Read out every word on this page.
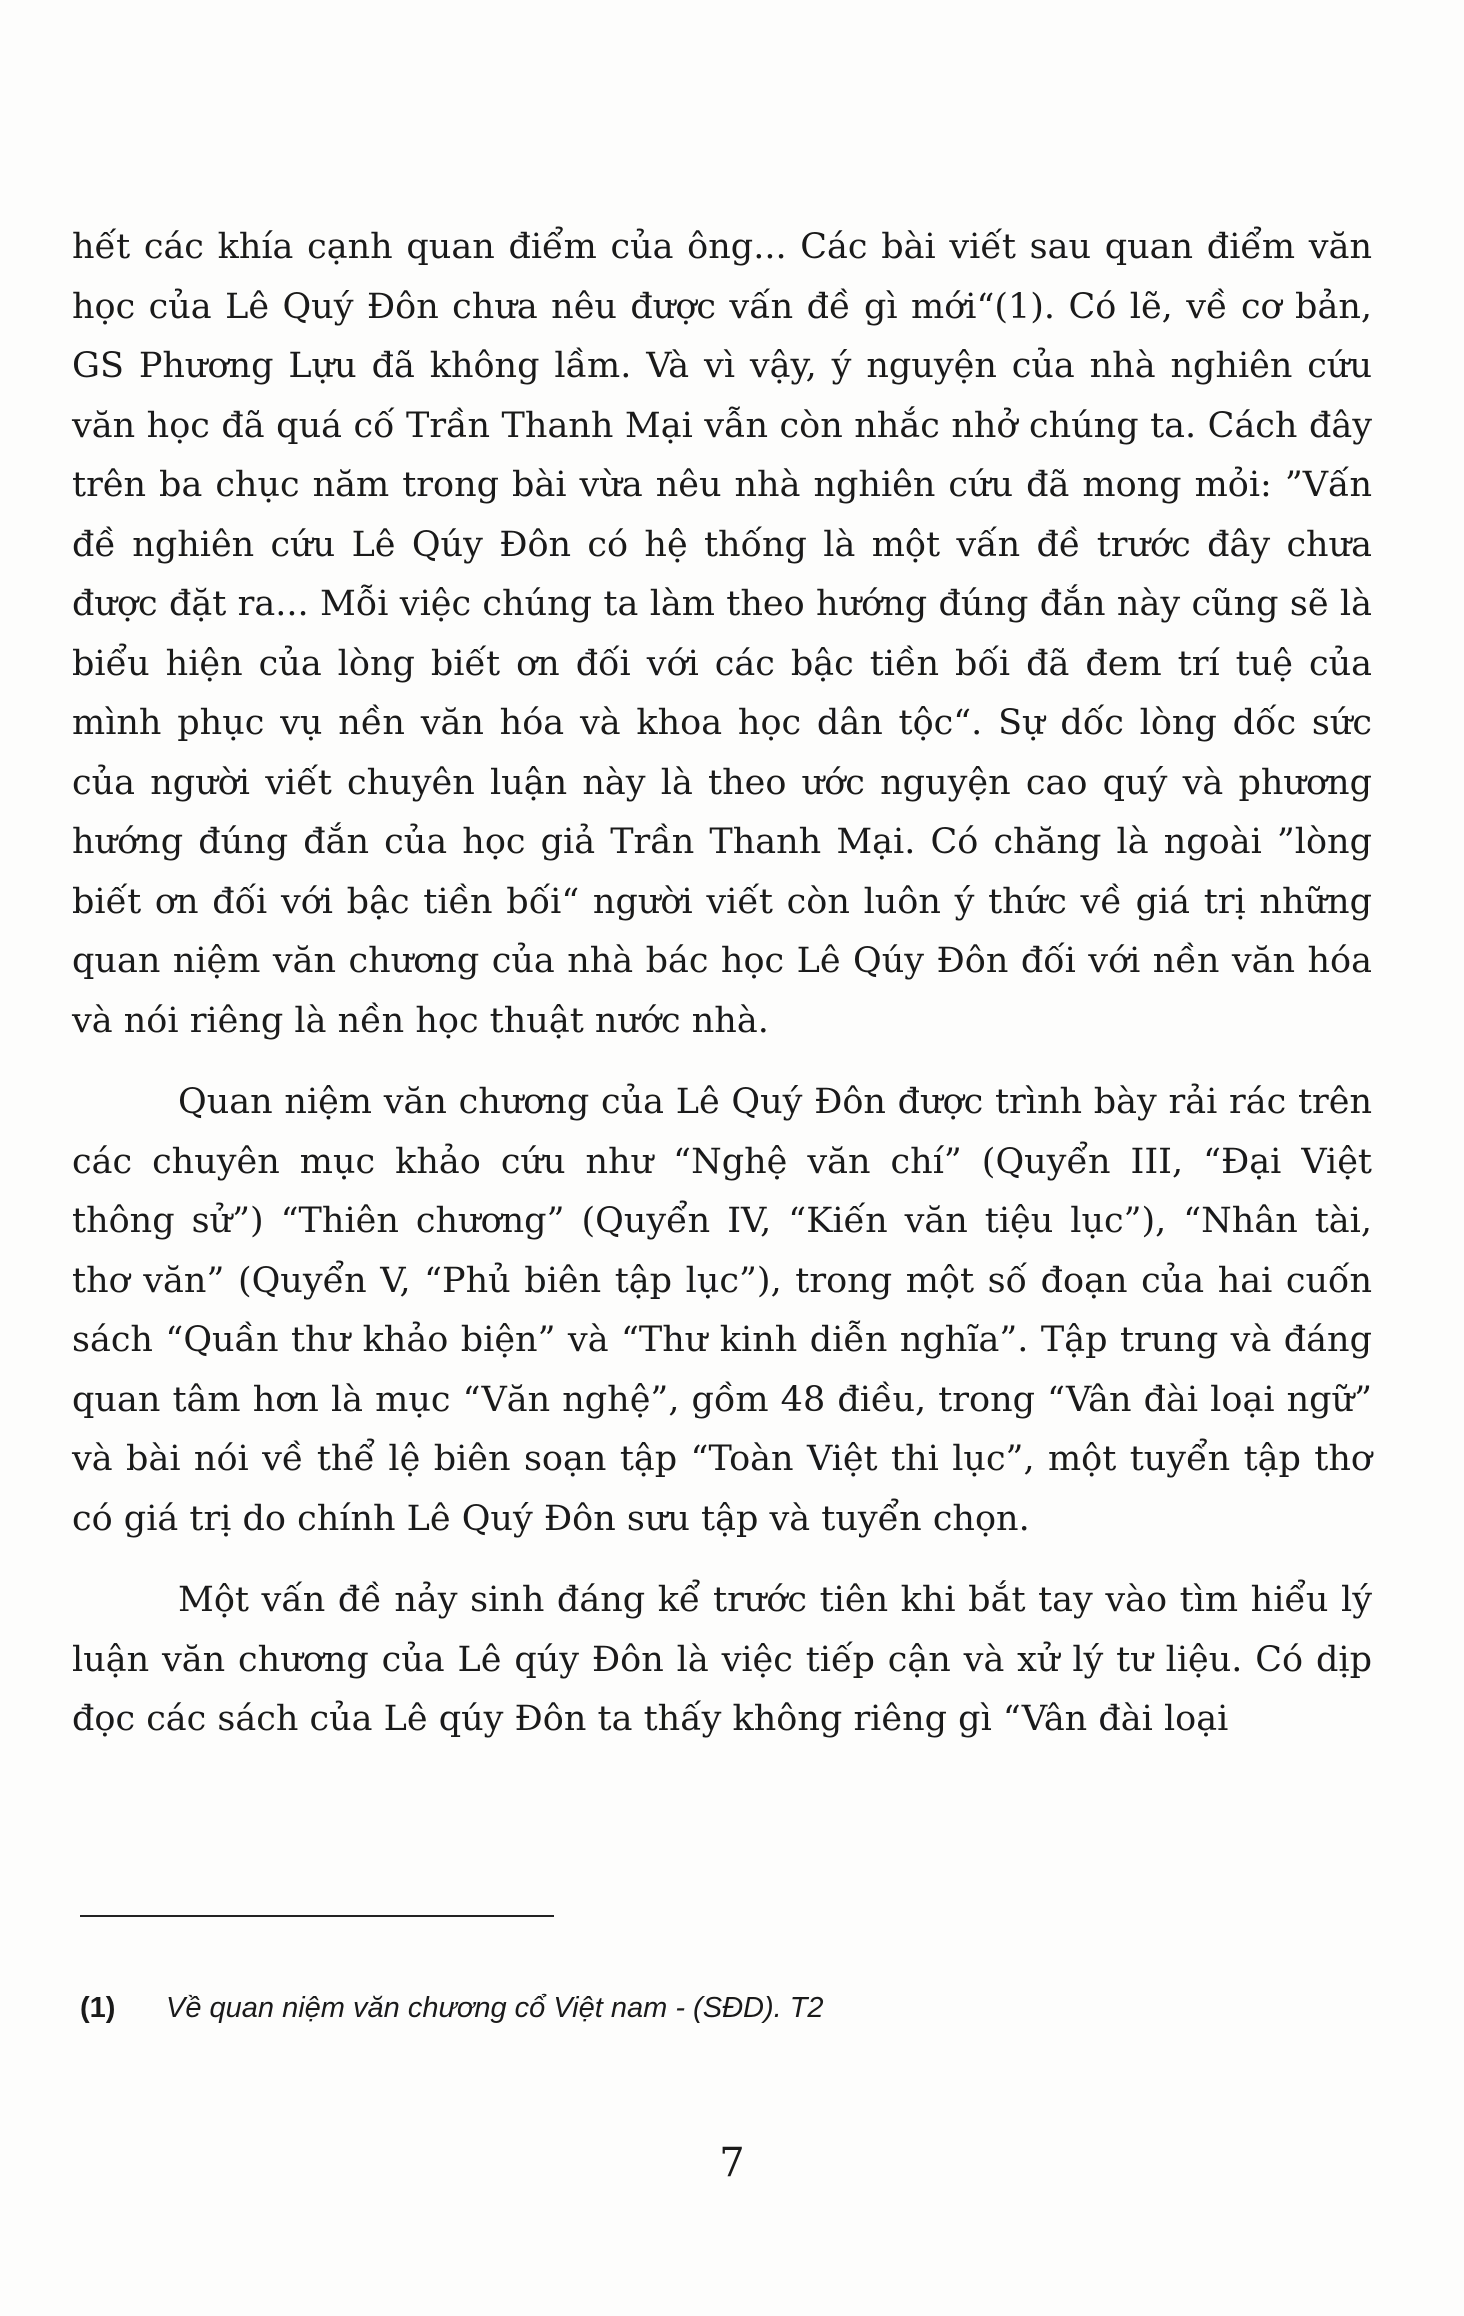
hết các khía cạnh quan điểm của ông... Các bài viết sau quan điểm văn học của Lê Quý Đôn chưa nêu được vấn đề gì mới“(1). Có lẽ, về cơ bản, GS Phương Lựu đã không lầm. Và vì vậy, ý nguyện của nhà nghiên cứu văn học đã quá cố Trần Thanh Mại vẫn còn nhắc nhở chúng ta. Cách đây trên ba chục năm trong bài vừa nêu nhà nghiên cứu đã mong mỏi: ”Vấn đề nghiên cứu Lê Qúy Đôn có hệ thống là một vấn đề trước đây chưa được đặt ra... Mỗi việc chúng ta làm theo hướng đúng đắn này cũng sẽ là biểu hiện của lòng biết ơn đối với các bậc tiền bối đã đem trí tuệ của mình phục vụ nền văn hóa và khoa học dân tộc“. Sự dốc lòng dốc sức của người viết chuyên luận này là theo ước nguyện cao quý và phương hướng đúng đắn của học giả Trần Thanh Mại. Có chăng là ngoài ”lòng biết ơn đối với bậc tiền bối“ người viết còn luôn ý thức về giá trị những quan niệm văn chương của nhà bác học Lê Qúy Đôn đối với nền văn hóa và nói riêng là nền học thuật nước nhà.

Quan niệm văn chương của Lê Quý Đôn được trình bày rải rác trên các chuyên mục khảo cứu như “Nghệ văn chí” (Quyển III, “Đại Việt thông sử”) “Thiên chương” (Quyển IV, “Kiến văn tiệu lục”), “Nhân tài, thơ văn” (Quyển V, “Phủ biên tập lục”), trong một số đoạn của hai cuốn sách “Quần thư khảo biện” và “Thư kinh diễn nghĩa”. Tập trung và đáng quan tâm hơn là mục “Văn nghệ”, gồm 48 điều, trong “Vân đài loại ngữ” và bài nói về thể lệ biên soạn tập “Toàn Việt thi lục”, một tuyển tập thơ có giá trị do chính Lê Quý Đôn sưu tập và tuyển chọn.

Một vấn đề nảy sinh đáng kể trước tiên khi bắt tay vào tìm hiểu lý luận văn chương của Lê qúy Đôn là việc tiếp cận và xử lý tư liệu. Có dịp đọc các sách của Lê qúy Đôn ta thấy không riêng gì “Vân đài loại

(1) Về quan niệm văn chương cổ Việt nam - (SĐD). T2
7
